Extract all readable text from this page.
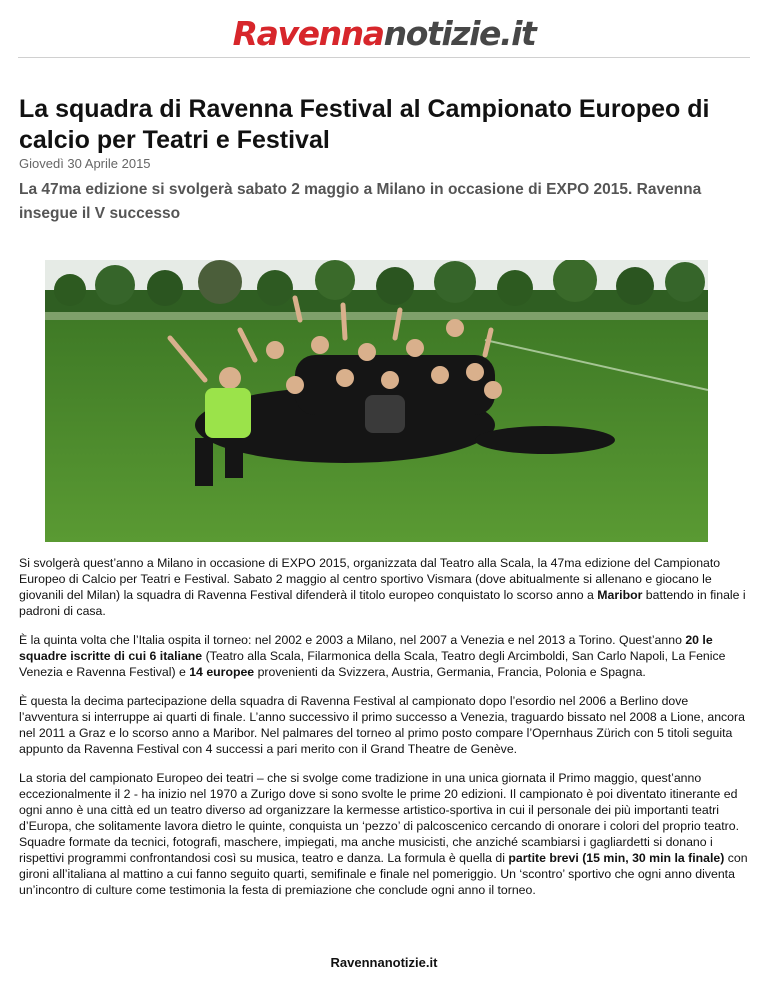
Ravennanotizie.it
La squadra di Ravenna Festival al Campionato Europeo di calcio per Teatri e Festival
Giovedì 30 Aprile 2015
La 47ma edizione si svolgerà sabato 2 maggio a Milano in occasione di EXPO 2015. Ravenna insegue il V successo

Si svolgerà quest’anno a Milano in occasione di EXPO 2015, organizzata dal Teatro alla Scala, la 47ma edizione del Campionato Europeo di Calcio per Teatri e Festival. Sabato 2 maggio al centro sportivo Vismara (dove abitualmente si allenano e giocano le giovanili del Milan) la squadra di Ravenna Festival difenderà il titolo europeo conquistato lo scorso anno a Maribor battendo in finale i padroni di casa.

È la quinta volta che l’Italia ospita il torneo: nel 2002 e 2003 a Milano, nel 2007 a Venezia e nel 2013 a Torino. Quest’anno 20 le squadre iscritte di cui 6 italiane (Teatro alla Scala, Filarmonica della Scala, Teatro degli Arcimboldi, San Carlo Napoli, La Fenice Venezia e Ravenna Festival) e 14 europee provenienti da Svizzera, Austria, Germania, Francia, Polonia e Spagna.

È questa la decima partecipazione della squadra di Ravenna Festival al campionato dopo l’esordio nel 2006 a Berlino dove l’avventura si interruppe ai quarti di finale. L’anno successivo il primo successo a Venezia, traguardo bissato nel 2008 a Lione, ancora nel 2011 a Graz e lo scorso anno a Maribor. Nel palmares del torneo al primo posto compare l’Opernhaus Zürich con 5 titoli seguita appunto da Ravenna Festival con 4 successi a pari merito con il Grand Theatre de Genève.

La storia del campionato Europeo dei teatri – che si svolge come tradizione in una unica giornata il Primo maggio, quest’anno eccezionalmente il 2 - ha inizio nel 1970 a Zurigo dove si sono svolte le prime 20 edizioni. Il campionato è poi diventato itinerante ed ogni anno è una città ed un teatro diverso ad organizzare la kermesse artistico-sportiva in cui il personale dei più importanti teatri d’Europa, che solitamente lavora dietro le quinte, conquista un ‘pezzo’ di palcoscenico cercando di onorare i colori del proprio teatro. Squadre formate da tecnici, fotografi, maschere, impiegati, ma anche musicisti, che anziché scambiarsi i gagliardetti si donano i rispettivi programmi confrontandosi così su musica, teatro e danza. La formula è quella di partite brevi (15 min, 30 min la finale) con gironi all’italiana al mattino a cui fanno seguito quarti, semifinale e finale nel pomeriggio. Un ‘scontro’ sportivo che ogni anno diventa un’incontro di culture come testimonia la festa di premiazione che conclude ogni anno il torneo.

Ravennanotizie.it
